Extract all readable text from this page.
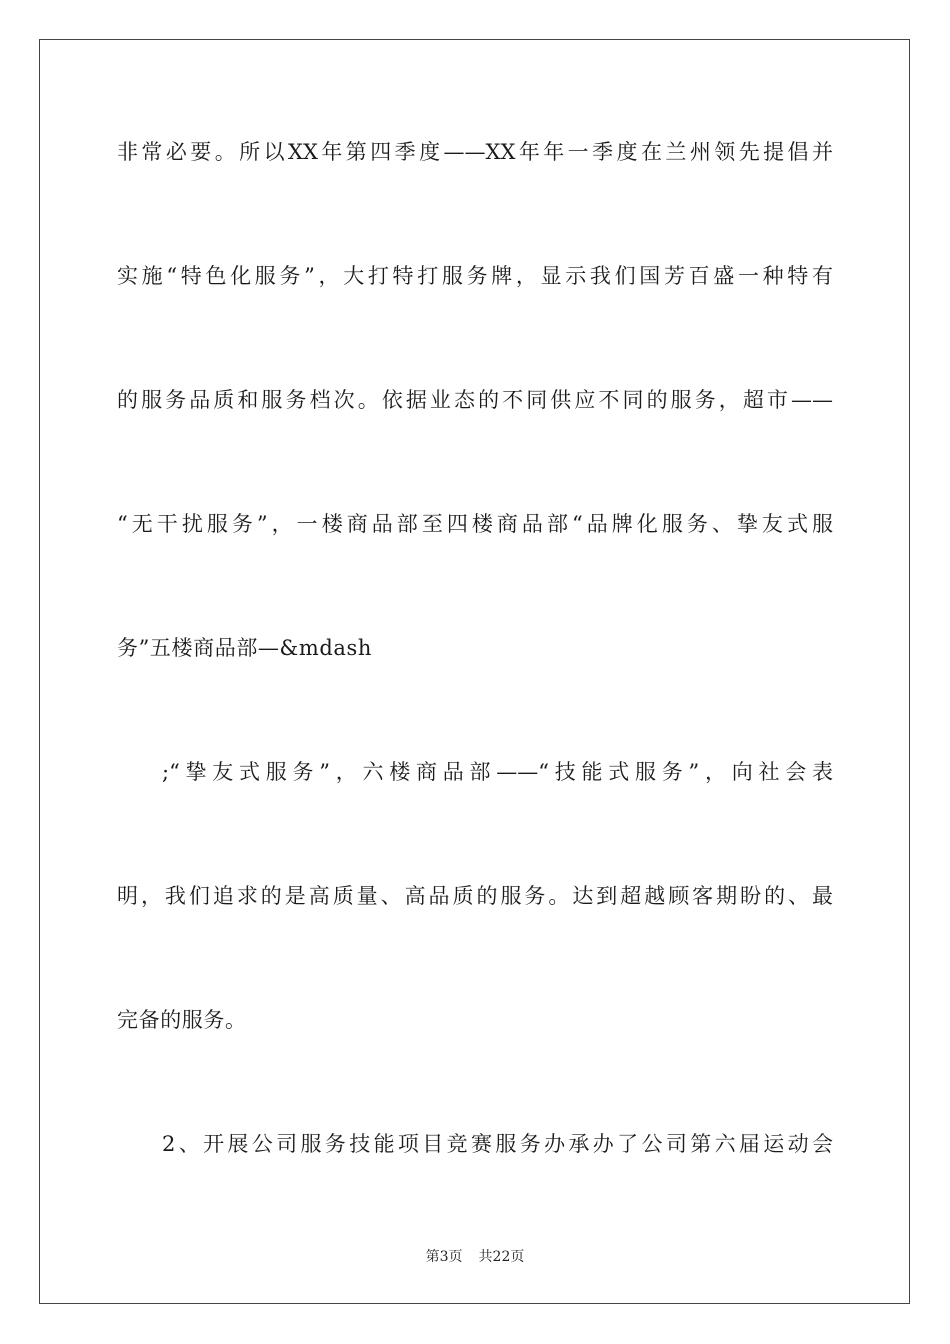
非常必要。所以XX年第四季度——XX年年一季度在兰州领先提倡并
实施“特色化服务”，大打特打服务牌，显示我们国芳百盛一种特有
的服务品质和服务档次。依据业态的不同供应不同的服务，超市——
“无干扰服务”，一楼商品部至四楼商品部“品牌化服务、挚友式服
务”五楼商品部—&mdash
;“挚友式服务”，六楼商品部——“技能式服务”，向社会表
明，我们追求的是高质量、高品质的服务。达到超越顾客期盼的、最
完备的服务。
2、开展公司服务技能项目竞赛服务办承办了公司第六届运动会
第3页 共22页
